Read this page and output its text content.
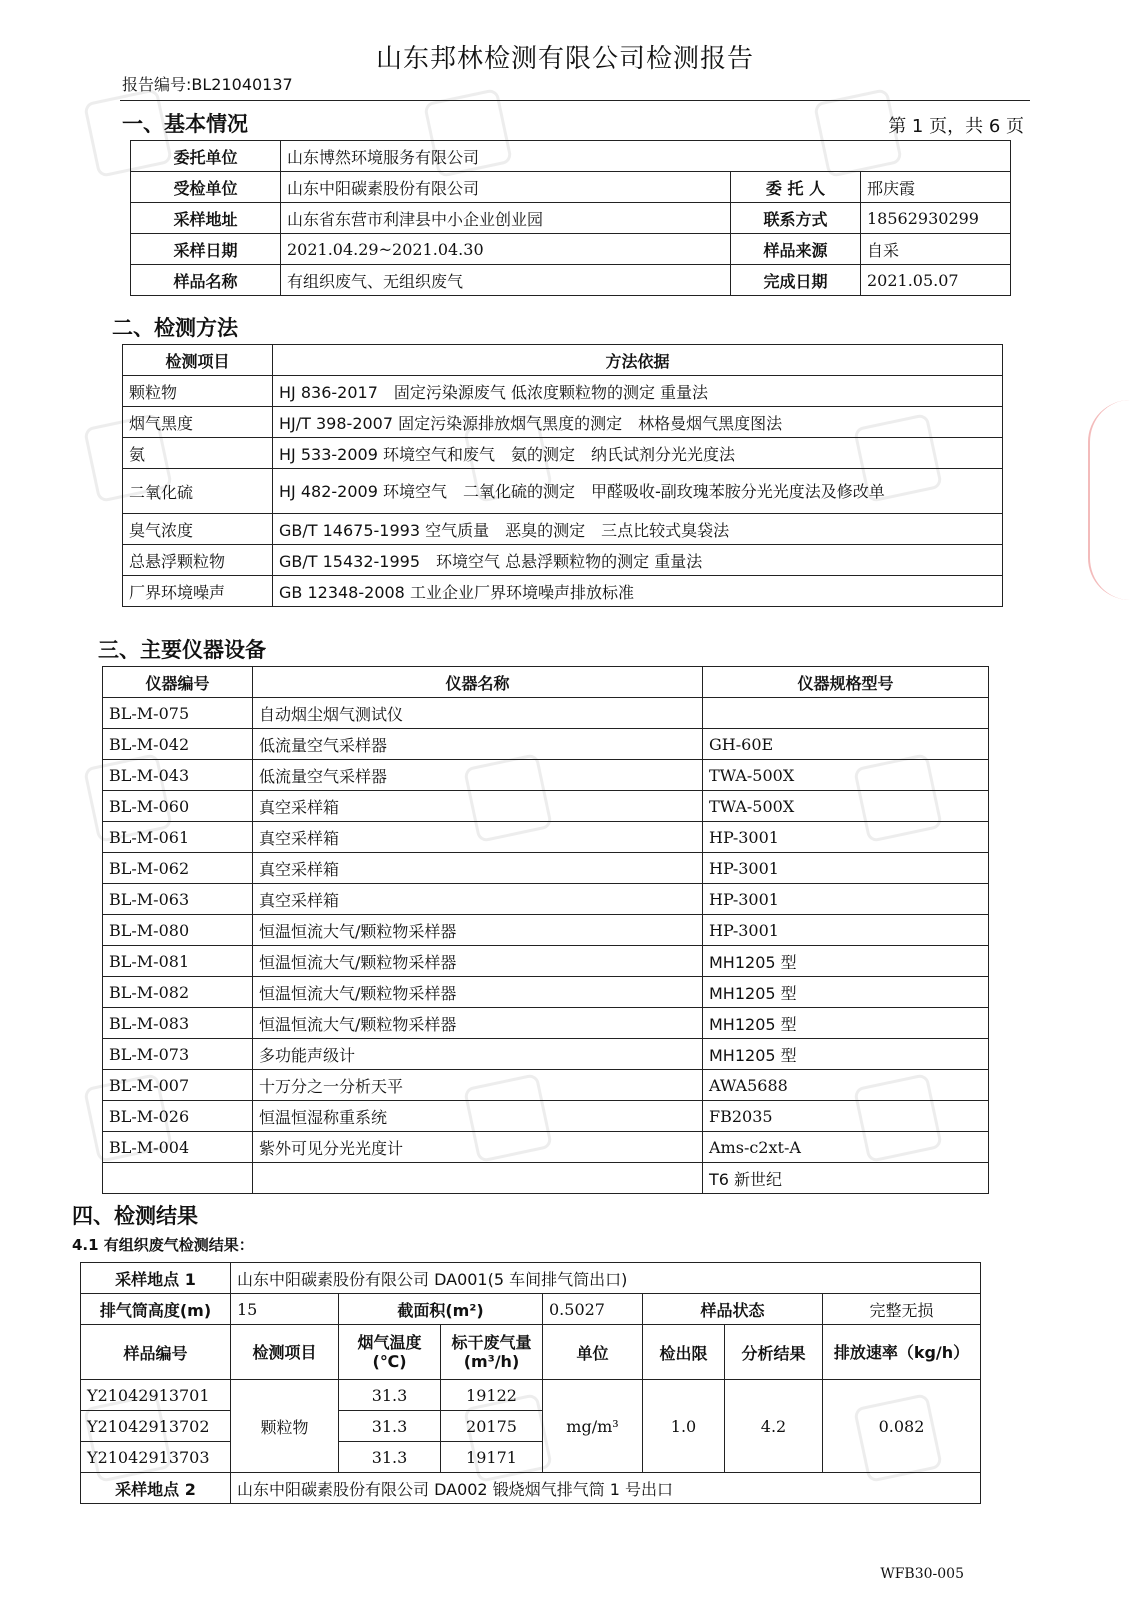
山东邦林检测有限公司检测报告
报告编号:BL21040137
第 1 页，共 6 页
一、基本情况
委托单位	山东博然环境服务有限公司		
受检单位	山东中阳碳素股份有限公司	委 托 人	邢庆霞
采样地址	山东省东营市利津县中小企业创业园	联系方式	18562930299
采样日期	2021.04.29~2021.04.30	样品来源	自采
样品名称	有组织废气、无组织废气	完成日期	2021.05.07
二、检测方法
检测项目	方法依据
颗粒物	HJ 836-2017　固定污染源废气 低浓度颗粒物的测定 重量法
烟气黑度	HJ/T 398-2007 固定污染源排放烟气黑度的测定　林格曼烟气黑度图法
氨	HJ 533-2009 环境空气和废气　氨的测定　纳氏试剂分光光度法
二氧化硫	HJ 482-2009 环境空气　二氧化硫的测定　甲醛吸收-副玫瑰苯胺分光光度法及修改单
臭气浓度	GB/T 14675-1993 空气质量　恶臭的测定　三点比较式臭袋法
总悬浮颗粒物	GB/T 15432-1995　环境空气 总悬浮颗粒物的测定 重量法
厂界环境噪声	GB 12348-2008 工业企业厂界环境噪声排放标准
三、主要仪器设备
仪器编号	仪器名称	仪器规格型号
BL-M-075	自动烟尘烟气测试仪	
BL-M-042	低流量空气采样器	GH-60E
BL-M-043	低流量空气采样器	TWA-500X
BL-M-060	真空采样箱	TWA-500X
BL-M-061	真空采样箱	HP-3001
BL-M-062	真空采样箱	HP-3001
BL-M-063	真空采样箱	HP-3001
BL-M-080	恒温恒流大气/颗粒物采样器	HP-3001
BL-M-081	恒温恒流大气/颗粒物采样器	MH1205 型
BL-M-082	恒温恒流大气/颗粒物采样器	MH1205 型
BL-M-083	恒温恒流大气/颗粒物采样器	MH1205 型
BL-M-073	多功能声级计	MH1205 型
BL-M-007	十万分之一分析天平	AWA5688
BL-M-026	恒温恒湿称重系统	FB2035
BL-M-004	紫外可见分光光度计	Ams-c2xt-A
		T6 新世纪
四、检测结果
4.1 有组织废气检测结果：
采样地点 1	山东中阳碳素股份有限公司 DA001(5 车间排气筒出口)						
排气筒高度(m)	15	截面积(m²)		0.5027	样品状态		完整无损
样品编号	检测项目	烟气温度(℃)	标干废气量(m³/h)	单位	检出限	分析结果	排放速率（kg/h）
Y21042913701	颗粒物	31.3	19122	mg/m³	1.0	4.2	0.082
Y21042913702		31.3	20175				
Y21042913703		31.3	19171				
采样地点 2	山东中阳碳素股份有限公司 DA002 锻烧烟气排气筒 1 号出口						
WFB30-005
